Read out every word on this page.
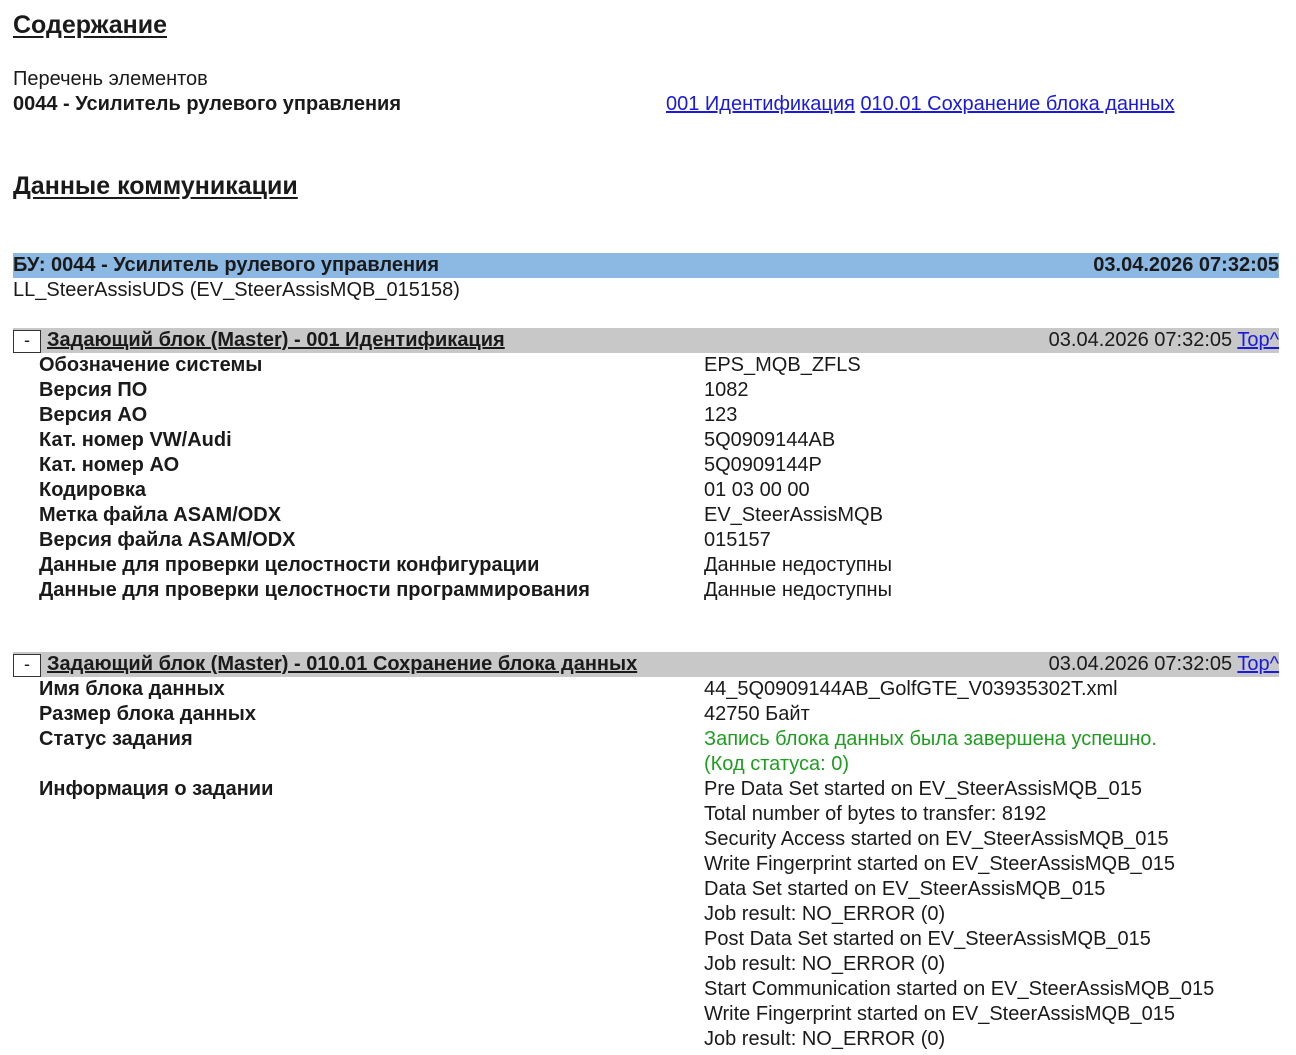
Содержание
Перечень элементов
0044 - Усилитель рулевого управления	001 Идентификация 010.01 Сохранение блока данных
Данные коммуникации
БУ: 0044 - Усилитель рулевого управления	03.04.2026 07:32:05
LL_SteerAssisUDS (EV_SteerAssisMQB_015158)
- Задающий блок (Master) - 001 Идентификация	03.04.2026 07:32:05 Top^
Обозначение системы	EPS_MQB_ZFLS
Версия ПО	1082
Версия АО	123
Кат. номер VW/Audi	5Q0909144AB
Кат. номер АО	5Q0909144P
Кодировка	01 03 00 00
Метка файла ASAM/ODX	EV_SteerAssisMQB
Версия файла ASAM/ODX	015157
Данные для проверки целостности конфигурации	Данные недоступны
Данные для проверки целостности программирования	Данные недоступны
- Задающий блок (Master) - 010.01 Сохранение блока данных	03.04.2026 07:32:05 Top^
Имя блока данных	44_5Q0909144AB_GolfGTE_V03935302T.xml
Размер блока данных	42750 Байт
Статус задания	Запись блока данных была завершена успешно.
(Код статуса: 0)
Информация о задании	Pre Data Set started on EV_SteerAssisMQB_015
Total number of bytes to transfer: 8192
Security Access started on EV_SteerAssisMQB_015
Write Fingerprint started on EV_SteerAssisMQB_015
Data Set started on EV_SteerAssisMQB_015
Job result: NO_ERROR (0)
Post Data Set started on EV_SteerAssisMQB_015
Job result: NO_ERROR (0)
Start Communication started on EV_SteerAssisMQB_015
Write Fingerprint started on EV_SteerAssisMQB_015
Job result: NO_ERROR (0)
